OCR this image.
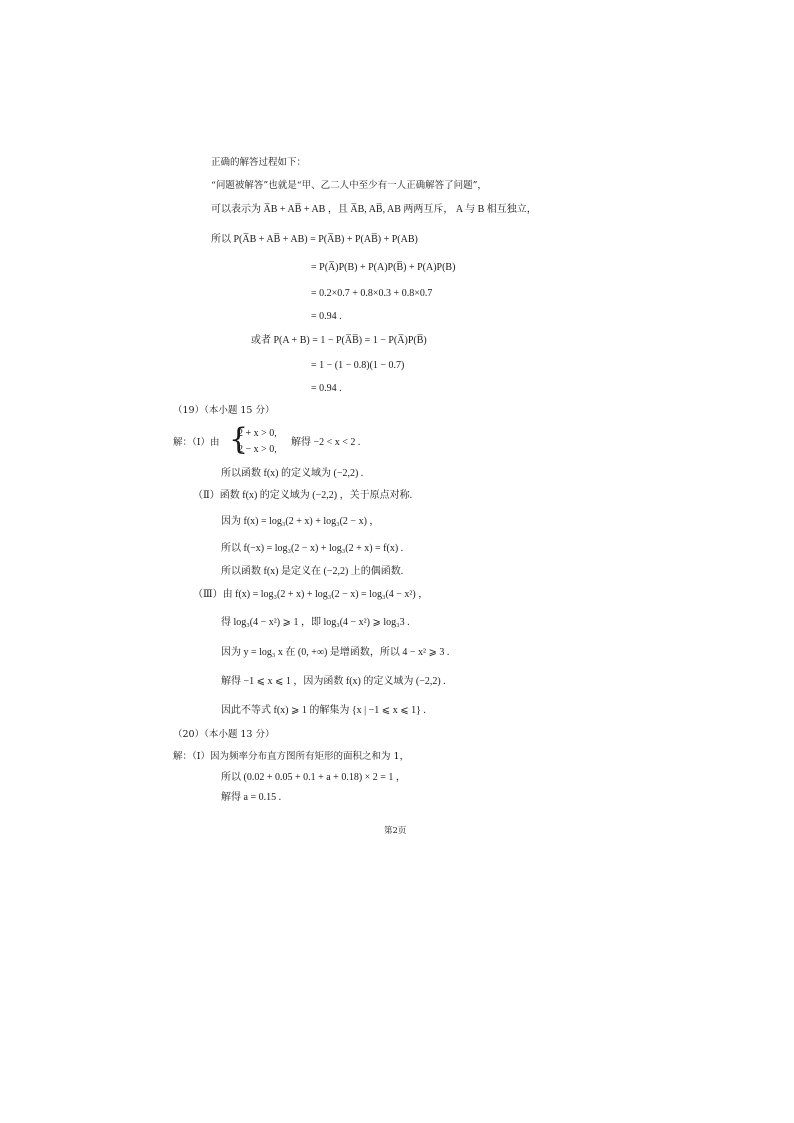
正确的解答过程如下：
“问题被解答”也就是“甲、乙二人中至少有一人正确解答了问题”，
可以表示为 A̅B + AB̅ + AB ，且 A̅B, AB̅, AB 两两互斥， A 与 B 相互独立，
所以 P(A̅B + AB̅ + AB) = P(A̅B) + P(AB̅) + P(AB)
= P(A̅)P(B) + P(A)P(B̅) + P(A)P(B)
= 0.2×0.7 + 0.8×0.3 + 0.8×0.7
= 0.94 .
或者 P(A + B) = 1 − P(A̅B̅) = 1 − P(A̅)P(B̅)
= 1 − (1 − 0.8)(1 − 0.7)
= 0.94 .
（19）（本小题 15 分）
解：（Ⅰ）由 {
2 + x > 0,
2 − x > 0,
解得 −2 < x < 2 .
所以函数 f(x) 的定义域为 (−2,2) .
（Ⅱ）函数 f(x) 的定义域为 (−2,2) ，关于原点对称.
因为 f(x) = log₃(2 + x) + log₃(2 − x) ，
所以 f(−x) = log₃(2 − x) + log₃(2 + x) = f(x) .
所以函数 f(x) 是定义在 (−2,2) 上的偶函数.
（Ⅲ）由 f(x) = log₃(2 + x) + log₃(2 − x) = log₃(4 − x²) ，
得 log₃(4 − x²) ⩾ 1 ，即 log₃(4 − x²) ⩾ log₃3 .
因为 y = log₃ x 在 (0, +∞) 是增函数，所以 4 − x² ⩾ 3 .
解得 −1 ⩽ x ⩽ 1 ，因为函数 f(x) 的定义域为 (−2,2) .
因此不等式 f(x) ⩾ 1 的解集为 {x | −1 ⩽ x ⩽ 1} .
（20）（本小题 13 分）
解：（Ⅰ）因为频率分布直方图所有矩形的面积之和为 1，
所以 (0.02 + 0.05 + 0.1 + a + 0.18) × 2 = 1 ，
解得 a = 0.15 .
第2页
